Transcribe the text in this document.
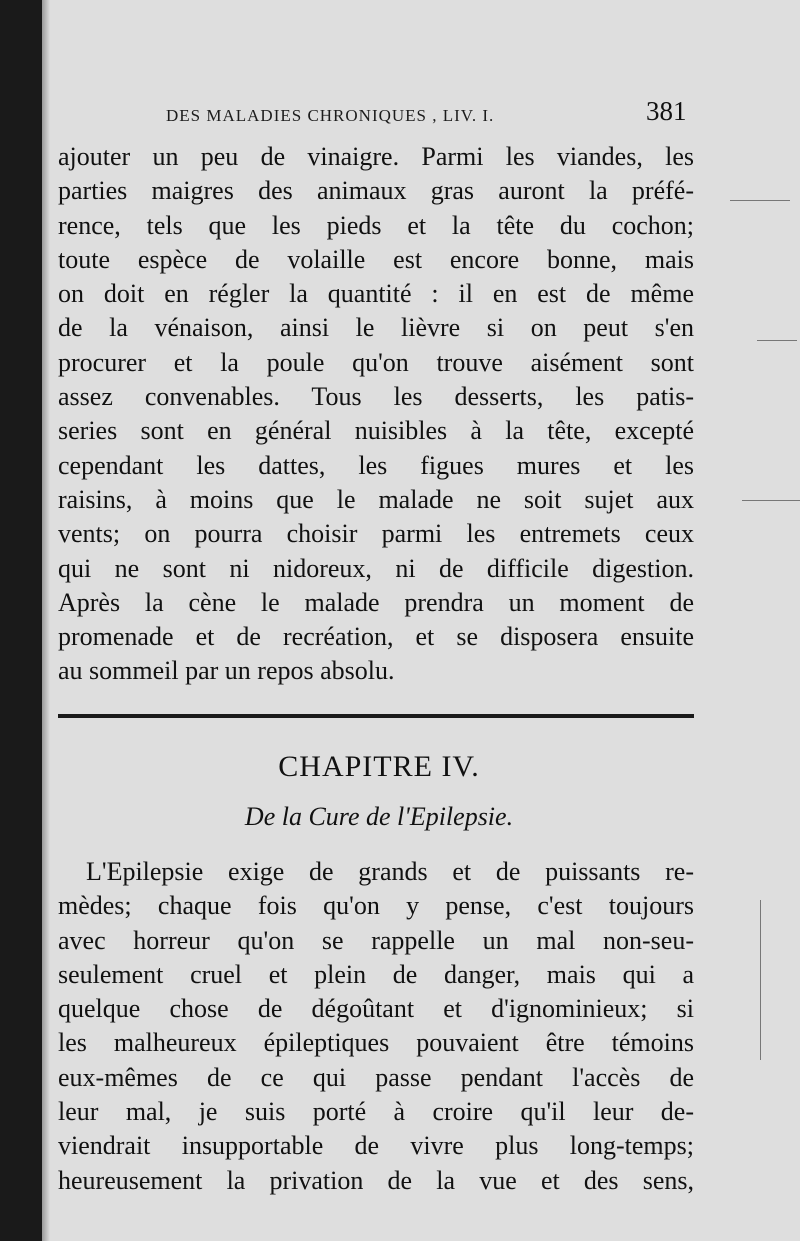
DES MALADIES CHRONIQUES , LIV. I.	381
ajouter un peu de vinaigre. Parmi les viandes, les
parties maigres des animaux gras auront la préfé-
rence, tels que les pieds et la tête du cochon;
toute espèce de volaille est encore bonne, mais
on doit en régler la quantité : il en est de même
de la vénaison, ainsi le lièvre si on peut s'en
procurer et la poule qu'on trouve aisément sont
assez convenables. Tous les desserts, les patis-
series sont en général nuisibles à la tête, excepté
cependant les dattes, les figues mures et les
raisins, à moins que le malade ne soit sujet aux
vents; on pourra choisir parmi les entremets ceux
qui ne sont ni nidoreux, ni de difficile digestion.
Après la cène le malade prendra un moment de
promenade et de recréation, et se disposera ensuite
au sommeil par un repos absolu.
CHAPITRE IV.
De la Cure de l'Epilepsie.
L'Epilepsie exige de grands et de puissants re-
mèdes; chaque fois qu'on y pense, c'est toujours
avec horreur qu'on se rappelle un mal non-seu-
seulement cruel et plein de danger, mais qui a
quelque chose de dégoûtant et d'ignominieux; si
les malheureux épileptiques pouvaient être témoins
eux-mêmes de ce qui passe pendant l'accès de
leur mal, je suis porté à croire qu'il leur de-
viendrait insupportable de vivre plus long-temps;
heureusement la privation de la vue et des sens,
